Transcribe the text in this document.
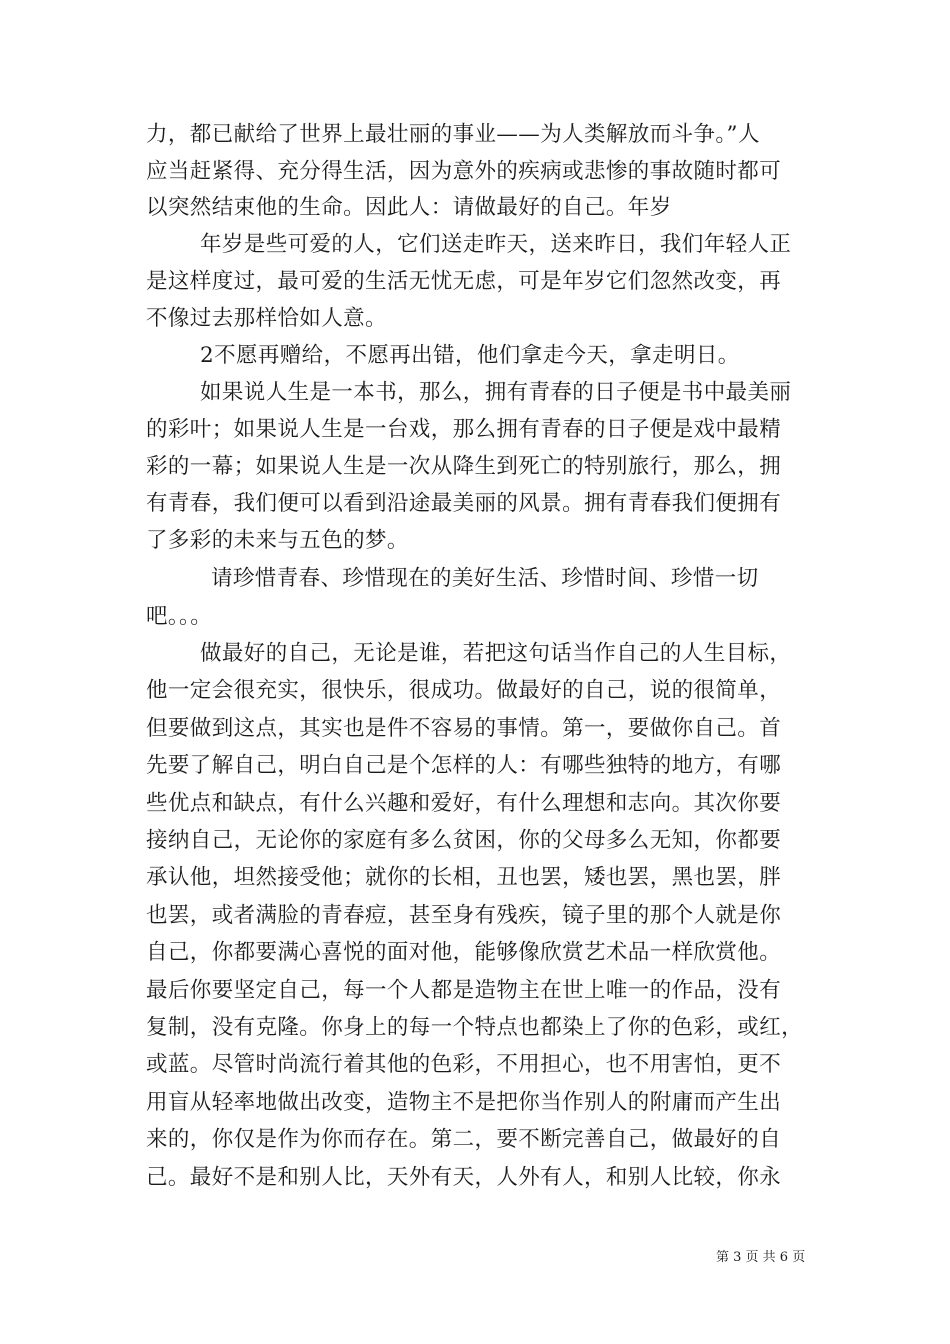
力，都已献给了世界上最壮丽的事业——为人类解放而斗争。”人
应当赶紧得、充分得生活，因为意外的疾病或悲惨的事故随时都可
以突然结束他的生命。因此人：请做最好的自己。年岁
年岁是些可爱的人，它们送走昨天，送来昨日，我们年轻人正
是这样度过，最可爱的生活无忧无虑，可是年岁它们忽然改变，再
不像过去那样恰如人意。
2不愿再赠给，不愿再出错，他们拿走今天，拿走明日。
如果说人生是一本书，那么，拥有青春的日子便是书中最美丽
的彩叶；如果说人生是一台戏，那么拥有青春的日子便是戏中最精
彩的一幕；如果说人生是一次从降生到死亡的特别旅行，那么，拥
有青春，我们便可以看到沿途最美丽的风景。拥有青春我们便拥有
了多彩的未来与五色的梦。
请珍惜青春、珍惜现在的美好生活、珍惜时间、珍惜一切
吧。。。
做最好的自己，无论是谁，若把这句话当作自己的人生目标，
他一定会很充实，很快乐，很成功。做最好的自己，说的很简单，
但要做到这点，其实也是件不容易的事情。第一，要做你自己。首
先要了解自己，明白自己是个怎样的人：有哪些独特的地方，有哪
些优点和缺点，有什么兴趣和爱好，有什么理想和志向。其次你要
接纳自己，无论你的家庭有多么贫困，你的父母多么无知，你都要
承认他，坦然接受他；就你的长相，丑也罢，矮也罢，黑也罢，胖
也罢，或者满脸的青春痘，甚至身有残疾，镜子里的那个人就是你
自己，你都要满心喜悦的面对他，能够像欣赏艺术品一样欣赏他。
最后你要坚定自己，每一个人都是造物主在世上唯一的作品，没有
复制，没有克隆。你身上的每一个特点也都染上了你的色彩，或红，
或蓝。尽管时尚流行着其他的色彩，不用担心，也不用害怕，更不
用盲从轻率地做出改变，造物主不是把你当作别人的附庸而产生出
来的，你仅是作为你而存在。第二，要不断完善自己，做最好的自
己。最好不是和别人比，天外有天，人外有人，和别人比较，你永
第 3 页 共 6 页
